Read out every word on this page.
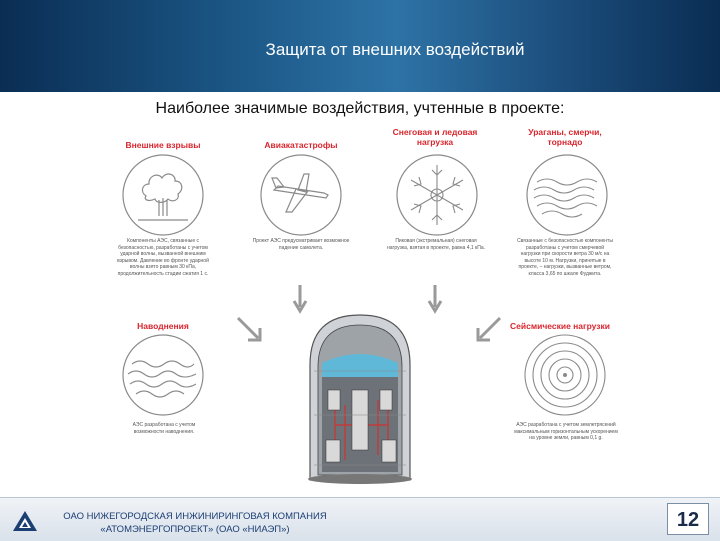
Защита от внешних воздействий
Наиболее значимые воздействия, учтенные в проекте:
Внешние взрывы
Компоненты АЭС, связанные с безопасностью, разработаны с учетом ударной волны, вызванной внешним взрывом. Давление во фронте ударной волны взято равным 30 кПа, продолжительность стадии сжатия 1 с.
Авиакатастрофы
Проект АЭС предусматривает возможное падение самолета.
Снеговая и ледовая нагрузка
Пиковая (экстремальная) снеговая нагрузка, взятая в проекте, равна 4,1 кПа.
Ураганы, смерчи, торнадо
Связанные с безопасностью компоненты разработаны с учетом смерчевой нагрузки при скорости ветра 30 м/с на высоте 10 м. Нагрузки, принятые в проекте, – нагрузки, вызванные ветром, класса 3,65 по шкале Фуджита.
Наводнения
АЭС разработана с учетом возможности наводнения.
Сейсмические нагрузки
АЭС разработана с учетом землетрясений максимальным горизонтальным ускорением на уровне земли, равным 0,1 g.
ОАО НИЖЕГОРОДСКАЯ ИНЖИНИРИНГОВАЯ КОМПАНИЯ
«АТОМЭНЕРГОПРОЕКТ» (ОАО «НИАЭП»)	12
